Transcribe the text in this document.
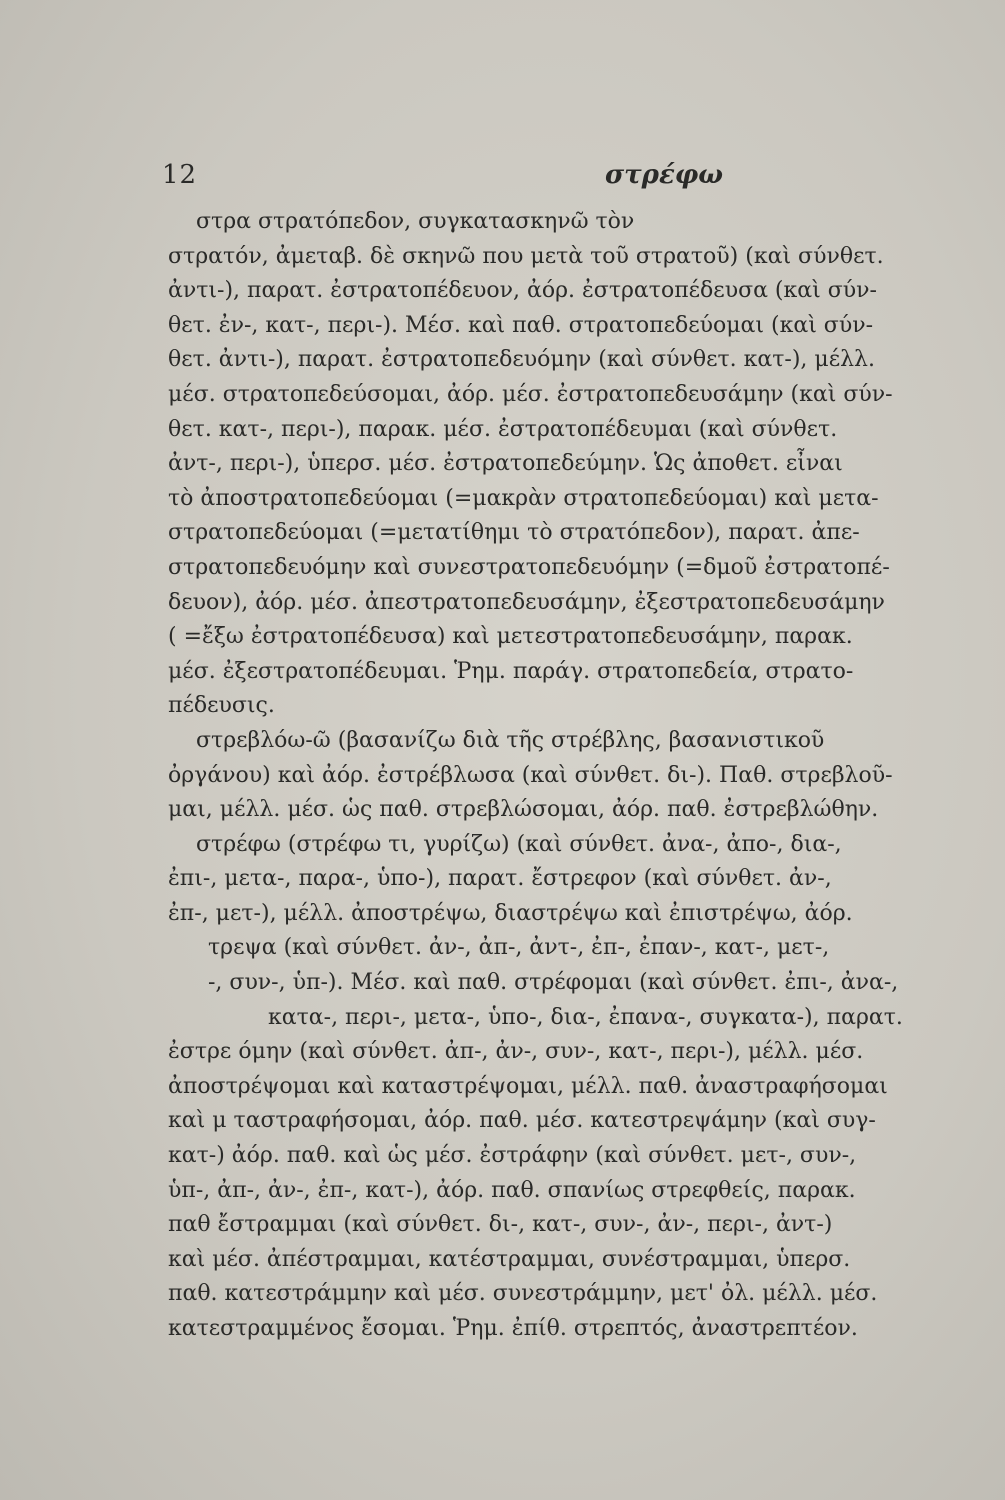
12	στρέφω
στρα στρατόπεδον, συγκατασκηνῶ τὸν
στρατόν, ἀμεταβ. δὲ σκηνῶ που μετὰ τοῦ στρατοῦ) (καὶ σύνθετ.
ἀντι-), παρατ. ἐστρατοπέδευον, ἀόρ. ἐστρατοπέδευσα (καὶ σύν-
θετ. ἐν-, κατ-, περι-). Μέσ. καὶ παθ. στρατοπεδεύομαι (καὶ σύν-
θετ. ἀντι-), παρατ. ἐστρατοπεδευόμην (καὶ σύνθετ. κατ-), μέλλ.
μέσ. στρατοπεδεύσομαι, ἀόρ. μέσ. ἐστρατοπεδευσάμην (καὶ σύν-
θετ. κατ-, περι-), παρακ. μέσ. ἐστρατοπέδευμαι (καὶ σύνθετ.
ἀντ-, περι-), ὑπερσ. μέσ. ἐστρατοπεδεύμην. Ὡς ἀποθετ. εἶναι
τὸ ἀποστρατοπεδεύομαι (=μακρὰν στρατοπεδεύομαι) καὶ μετα-
στρατοπεδεύομαι (=μετατίθημι τὸ στρατόπεδον), παρατ. ἀπε-
στρατοπεδευόμην καὶ συνεστρατοπεδευόμην (=δμοῦ ἐστρατοπέ-
δευον), ἀόρ. μέσ. ἀπεστρατοπεδευσάμην, ἐξεστρατοπεδευσάμην
( =ἔξω ἐστρατοπέδευσα) καὶ μετεστρατοπεδευσάμην, παρακ.
μέσ. ἐξεστρατοπέδευμαι. Ῥημ. παράγ. στρατοπεδεία, στρατο-
πέδευσις.
στρεβλόω-ῶ (βασανίζω διὰ τῆς στρέβλης, βασανιστικοῦ
ὀργάνου) καὶ ἀόρ. ἐστρέβλωσα (καὶ σύνθετ. δι-). Παθ. στρεβλοῦ-
μαι, μέλλ. μέσ. ὡς παθ. στρεβλώσομαι, ἀόρ. παθ. ἐστρεβλώθην.
στρέφω (στρέφω τι, γυρίζω) (καὶ σύνθετ. ἀνα-, ἀπο-, δια-,
ἐπι-, μετα-, παρα-, ὑπο-), παρατ. ἔστρεφον (καὶ σύνθετ. ἀν-,
ἐπ-, μετ-), μέλλ. ἀποστρέψω, διαστρέψω καὶ ἐπιστρέψω, ἀόρ.
τρεψα (καὶ σύνθετ. ἀν-, ἀπ-, ἀντ-, ἐπ-, ἐπαν-, κατ-, μετ-,
-, συν-, ὑπ-). Μέσ. καὶ παθ. στρέφομαι (καὶ σύνθετ. ἐπι-, ἀνα-,
κατα-, περι-, μετα-, ὑπο-, δια-, ἐπανα-, συγκατα-), παρατ.
ἐστρε όμην (καὶ σύνθετ. ἀπ-, ἀν-, συν-, κατ-, περι-), μέλλ. μέσ.
ἀποστρέψομαι καὶ καταστρέψομαι, μέλλ. παθ. ἀναστραφήσομαι
καὶ μ ταστραφήσομαι, ἀόρ. παθ. μέσ. κατεστρεψάμην (καὶ συγ-
κατ-) ἀόρ. παθ. καὶ ὡς μέσ. ἐστράφην (καὶ σύνθετ. μετ-, συν-,
ὑπ-, ἀπ-, ἀν-, ἐπ-, κατ-), ἀόρ. παθ. σπανίως στρεφθείς, παρακ.
παθ ἔστραμμαι (καὶ σύνθετ. δι-, κατ-, συν-, ἀν-, περι-, ἀντ-)
καὶ μέσ. ἀπέστραμμαι, κατέστραμμαι, συνέστραμμαι, ὑπερσ.
παθ. κατεστράμμην καὶ μέσ. συνεστράμμην, μετ' ὀλ. μέλλ. μέσ.
κατεστραμμένος ἔσομαι. Ῥημ. ἐπίθ. στρεπτός, ἀναστρεπτέον.
